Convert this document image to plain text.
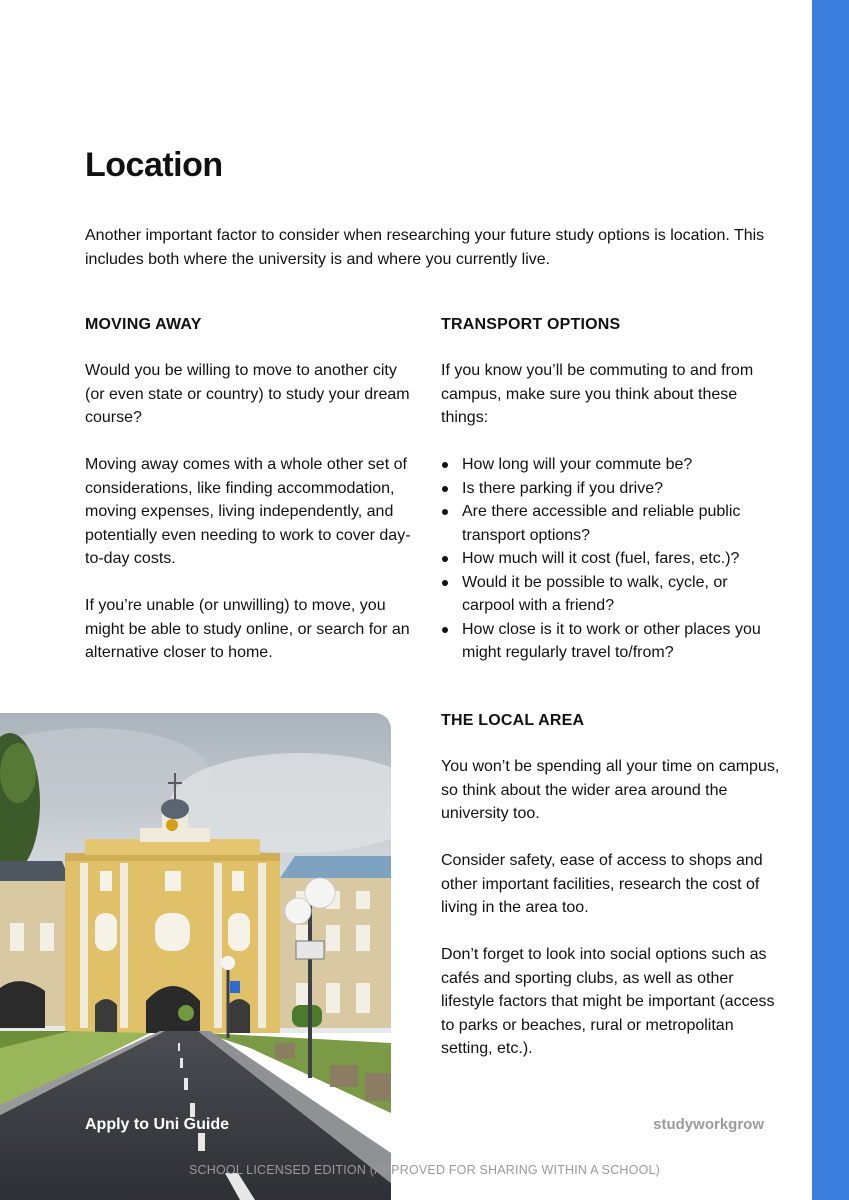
Location

Another important factor to consider when researching your future study options is location. This includes both where the university is and where you currently live.

MOVING AWAY

Would you be willing to move to another city (or even state or country) to study your dream course?

Moving away comes with a whole other set of considerations, like finding accommodation, moving expenses, living independently, and potentially even needing to work to cover day-to-day costs.

If you’re unable (or unwilling) to move, you might be able to study online, or search for an alternative closer to home.

TRANSPORT OPTIONS

If you know you’ll be commuting to and from campus, make sure you think about these things:

How long will your commute be?
Is there parking if you drive?
Are there accessible and reliable public transport options?
How much will it cost (fuel, fares, etc.)?
Would it be possible to walk, cycle, or carpool with a friend?
How close is it to work or other places you might regularly travel to/from?
THE LOCAL AREA

You won’t be spending all your time on campus, so think about the wider area around the university too.

Consider safety, ease of access to shops and other important facilities, research the cost of living in the area too.

Don’t forget to look into social options such as cafés and sporting clubs, as well as other lifestyle factors that might be important (access to parks or beaches, rural or metropolitan setting, etc.).

Apply to Uni Guide	studyworkgrow
SCHOOL LICENSED EDITION (APPROVED FOR SHARING WITHIN A SCHOOL)
